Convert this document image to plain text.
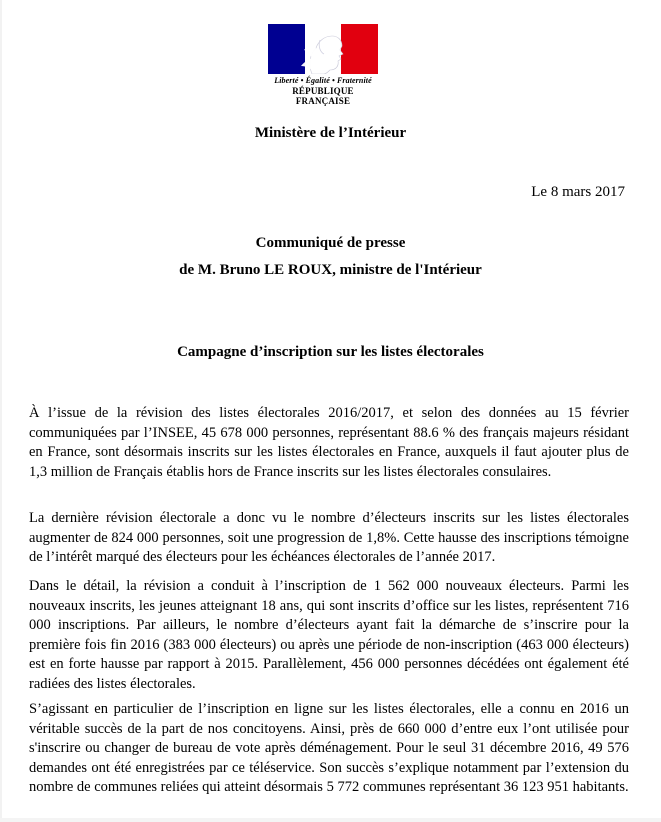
Liberté • Égalité • Fraternité
RÉPUBLIQUE FRANÇAISE
Ministère de l’Intérieur
Le 8 mars 2017
Communiqué de presse
de M. Bruno LE ROUX, ministre de l'Intérieur
Campagne d’inscription sur les listes électorales

À l’issue de la révision des listes électorales 2016/2017, et selon des données au 15 février communiquées par l’INSEE, 45 678 000 personnes, représentant 88.6 % des français majeurs résidant en France, sont désormais inscrits sur les listes électorales en France, auxquels il faut ajouter plus de 1,3 million de Français établis hors de France inscrits sur les listes électorales consulaires.

La dernière révision électorale a donc vu le nombre d’électeurs inscrits sur les listes électorales augmenter de 824 000 personnes, soit une progression de 1,8%. Cette hausse des inscriptions témoigne de l’intérêt marqué des électeurs pour les échéances électorales de l’année 2017.

Dans le détail, la révision a conduit à l’inscription de 1 562 000 nouveaux électeurs. Parmi les nouveaux inscrits, les jeunes atteignant 18 ans, qui sont inscrits d’office sur les listes, représentent 716 000 inscriptions. Par ailleurs, le nombre d’électeurs ayant fait la démarche de s’inscrire pour la première fois fin 2016 (383 000 électeurs) ou après une période de non-inscription (463 000 électeurs) est en forte hausse par rapport à 2015. Parallèlement, 456 000 personnes décédées ont également été radiées des listes électorales.

S’agissant en particulier de l’inscription en ligne sur les listes électorales, elle a connu en 2016 un véritable succès de la part de nos concitoyens. Ainsi, près de 660 000 d’entre eux l’ont utilisée pour s'inscrire ou changer de bureau de vote après déménagement. Pour le seul 31 décembre 2016, 49 576 demandes ont été enregistrées par ce téléservice. Son succès s’explique notamment par l’extension du nombre de communes reliées qui atteint désormais 5 772 communes représentant 36 123 951 habitants.
